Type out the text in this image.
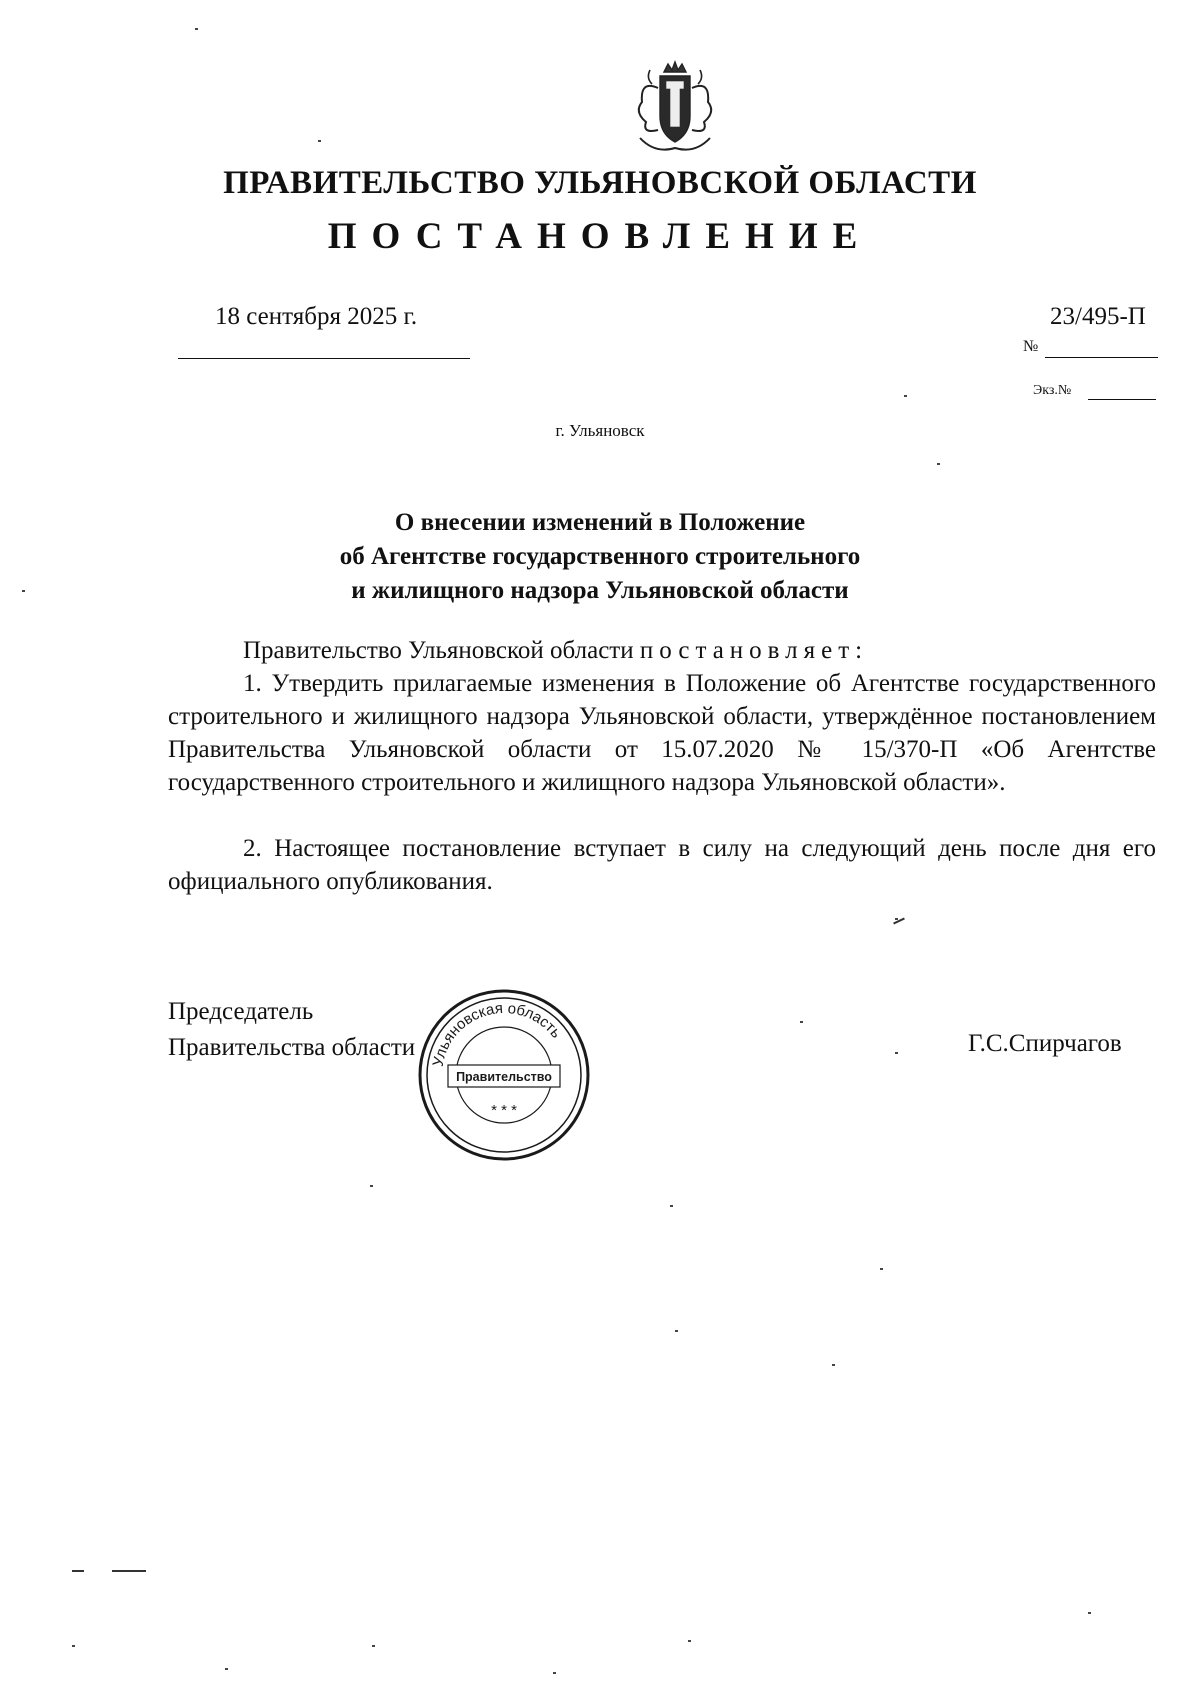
ПРАВИТЕЛЬСТВО УЛЬЯНОВСКОЙ ОБЛАСТИ
ПОСТАНОВЛЕНИЕ
18 сентября 2025 г.	23/495-П
№
Экз.№
г. Ульяновск
О внесении изменений в Положение
об Агентстве государственного строительного
и жилищного надзора Ульяновской области
Правительство Ульяновской области постановляет:
1. Утвердить прилагаемые изменения в Положение об Агентстве государственного строительного и жилищного надзора Ульяновской области, утверждённое постановлением Правительства Ульяновской области от 15.07.2020 № 15/370-П «Об Агентстве государственного строительного и жилищного надзора Ульяновской области».
2. Настоящее постановление вступает в силу на следующий день после дня его официального опубликования.
Председатель
Правительства области	Г.С.Спирчагов
Ульяновская область
Правительство
* * *
